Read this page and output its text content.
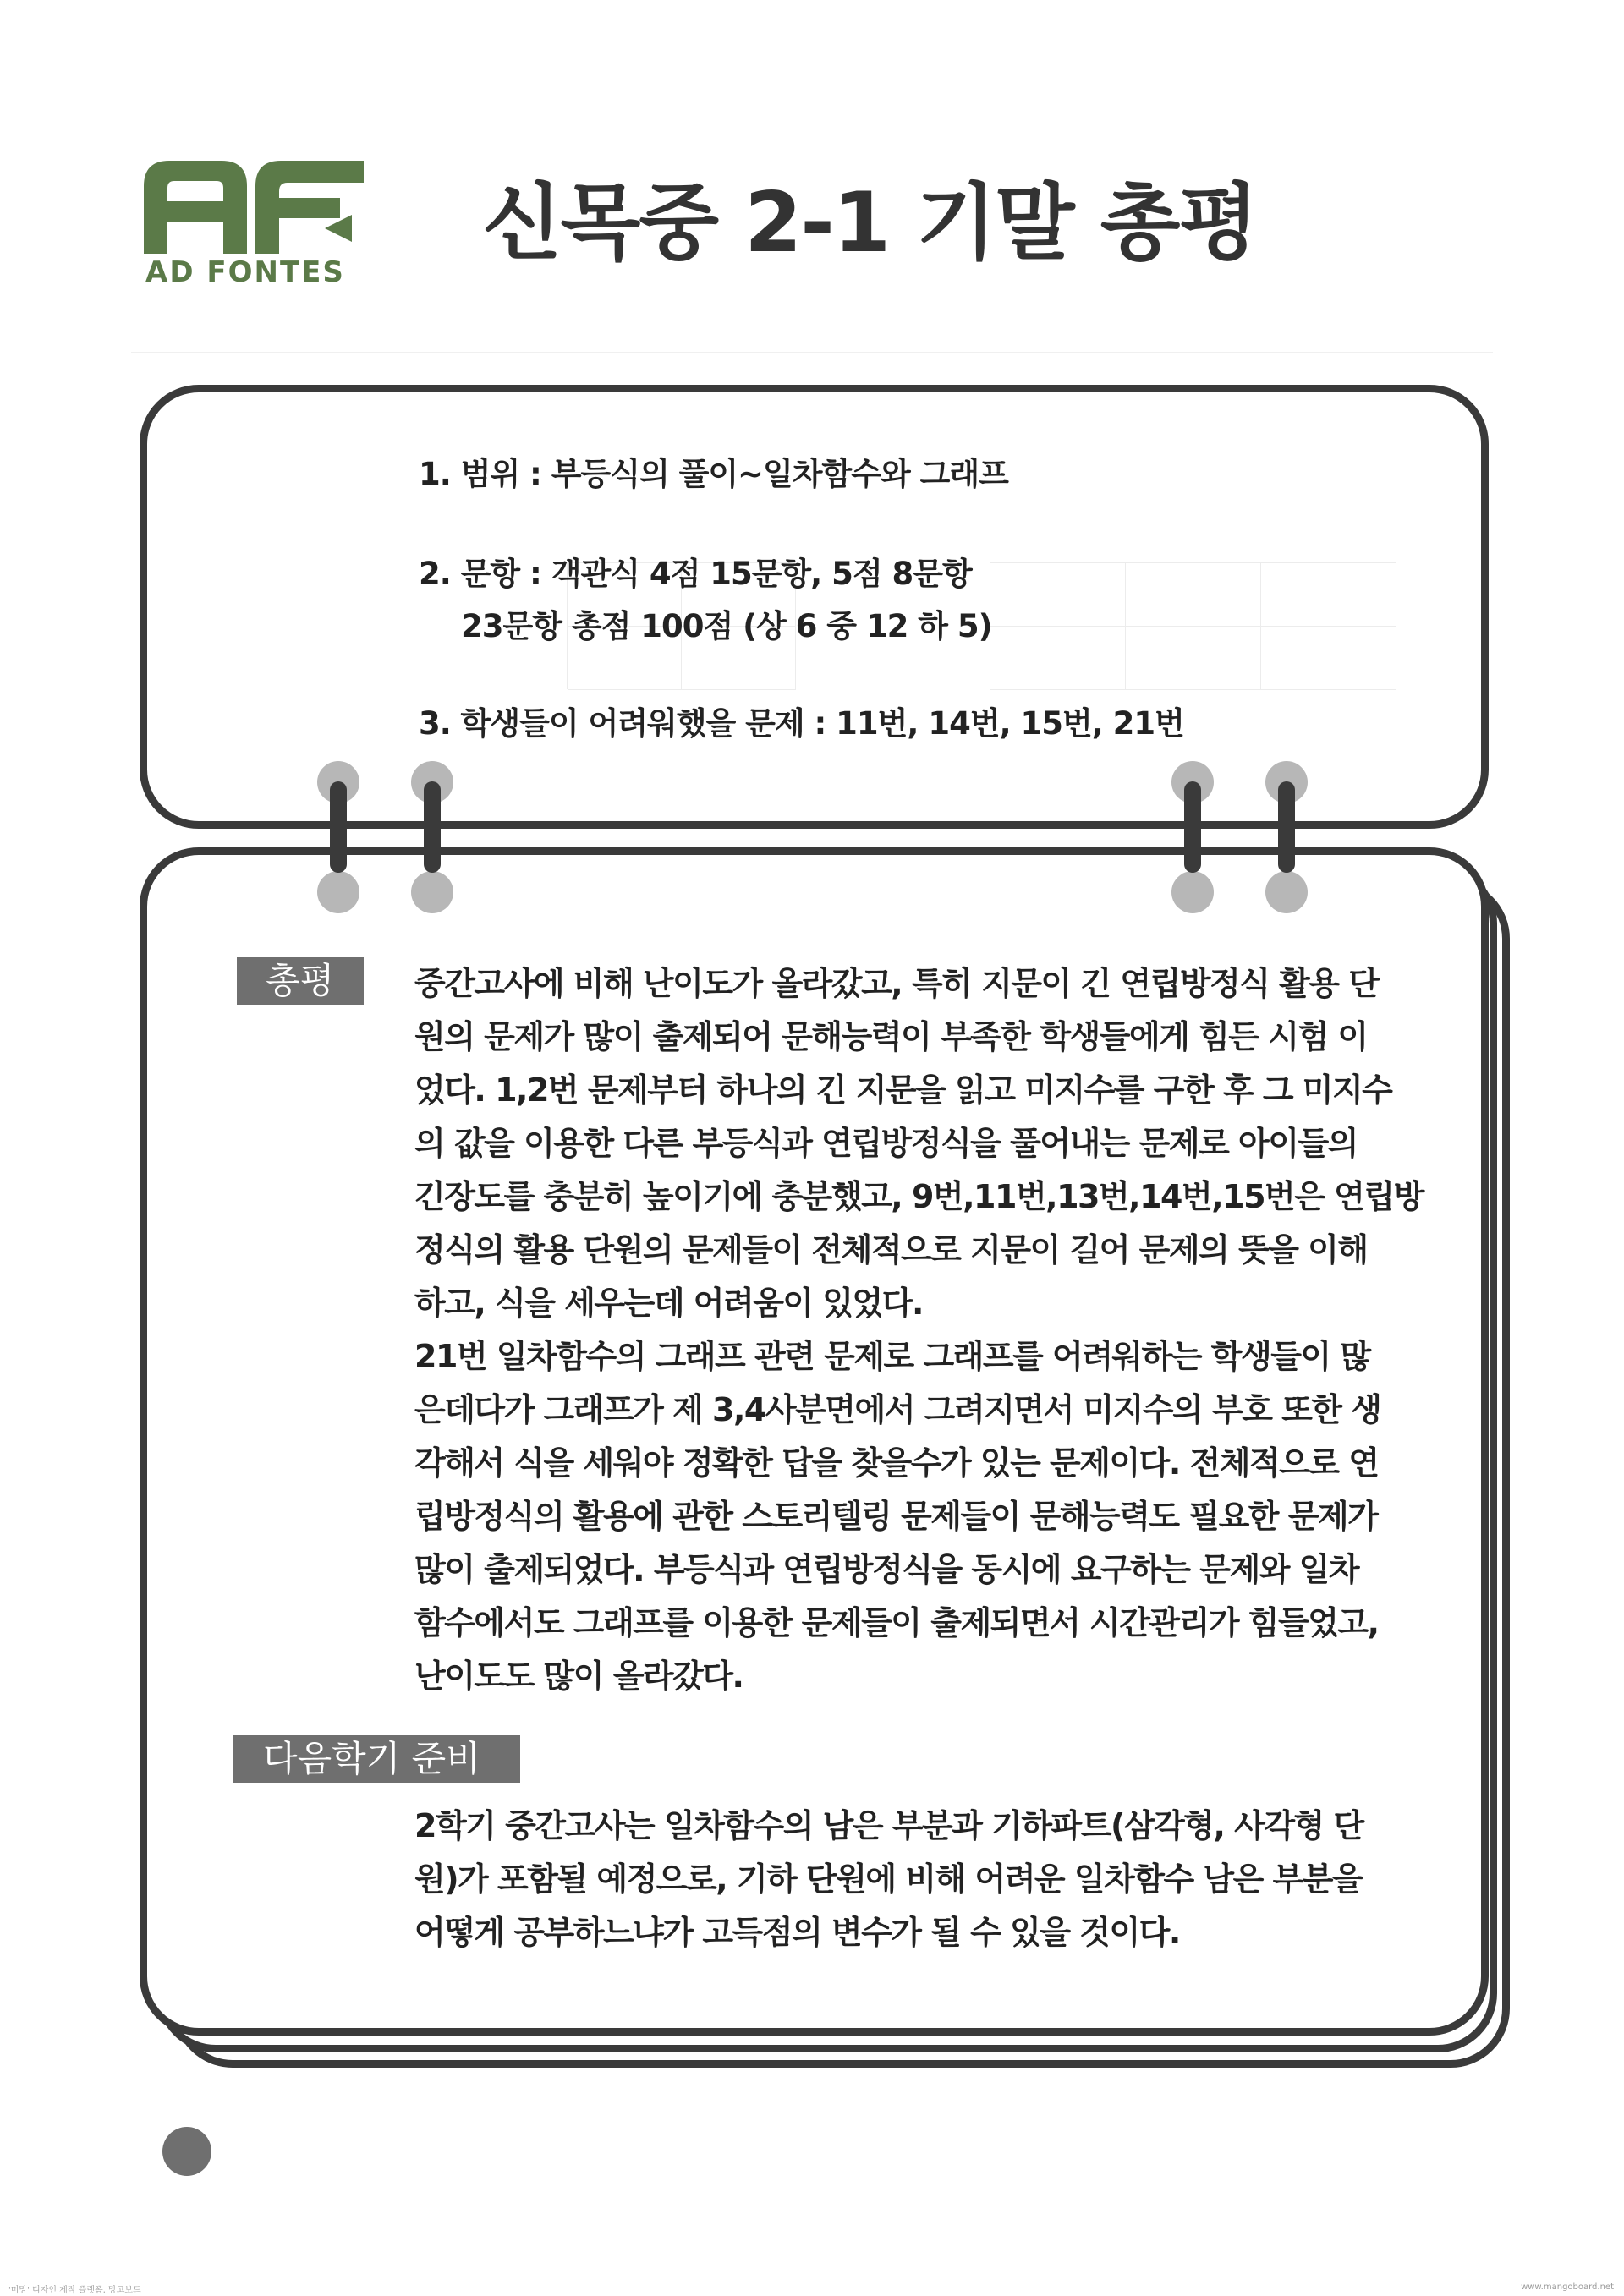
AD FONTES
신목중 2-1 기말 총평
1. 범위 : 부등식의 풀이~일차함수와 그래프
2. 문항 : 객관식 4점 15문항, 5점 8문항
23문항 총점 100점 (상 6 중 12 하 5)
3. 학생들이 어려워했을 문제 : 11번, 14번, 15번, 21번
총평	중간고사에 비해 난이도가 올라갔고, 특히 지문이 긴 연립방정식 활용 단
원의 문제가 많이 출제되어 문해능력이 부족한 학생들에게 힘든 시험 이
었다. 1,2번 문제부터 하나의 긴 지문을 읽고 미지수를 구한 후 그 미지수
의 값을 이용한 다른 부등식과 연립방정식을 풀어내는 문제로 아이들의
긴장도를 충분히 높이기에 충분했고, 9번,11번,13번,14번,15번은 연립방
정식의 활용 단원의 문제들이 전체적으로 지문이 길어 문제의 뜻을 이해
하고, 식을 세우는데 어려움이 있었다.
21번 일차함수의 그래프 관련 문제로 그래프를 어려워하는 학생들이 많
은데다가 그래프가 제 3,4사분면에서 그려지면서 미지수의 부호 또한 생
각해서 식을 세워야 정확한 답을 찾을수가 있는 문제이다. 전체적으로 연
립방정식의 활용에 관한 스토리텔링 문제들이 문해능력도 필요한 문제가
많이 출제되었다. 부등식과 연립방정식을 동시에 요구하는 문제와 일차
함수에서도 그래프를 이용한 문제들이 출제되면서 시간관리가 힘들었고,
난이도도 많이 올라갔다.
다음학기 준비
2학기 중간고사는 일차함수의 남은 부분과 기하파트(삼각형, 사각형 단
원)가 포함될 예정으로, 기하 단원에 비해 어려운 일차함수 남은 부분을
어떻게 공부하느냐가 고득점의 변수가 될 수 있을 것이다.
'미망' 디자인 제작 플랫폼, 망고보드	www.mangoboard.net
